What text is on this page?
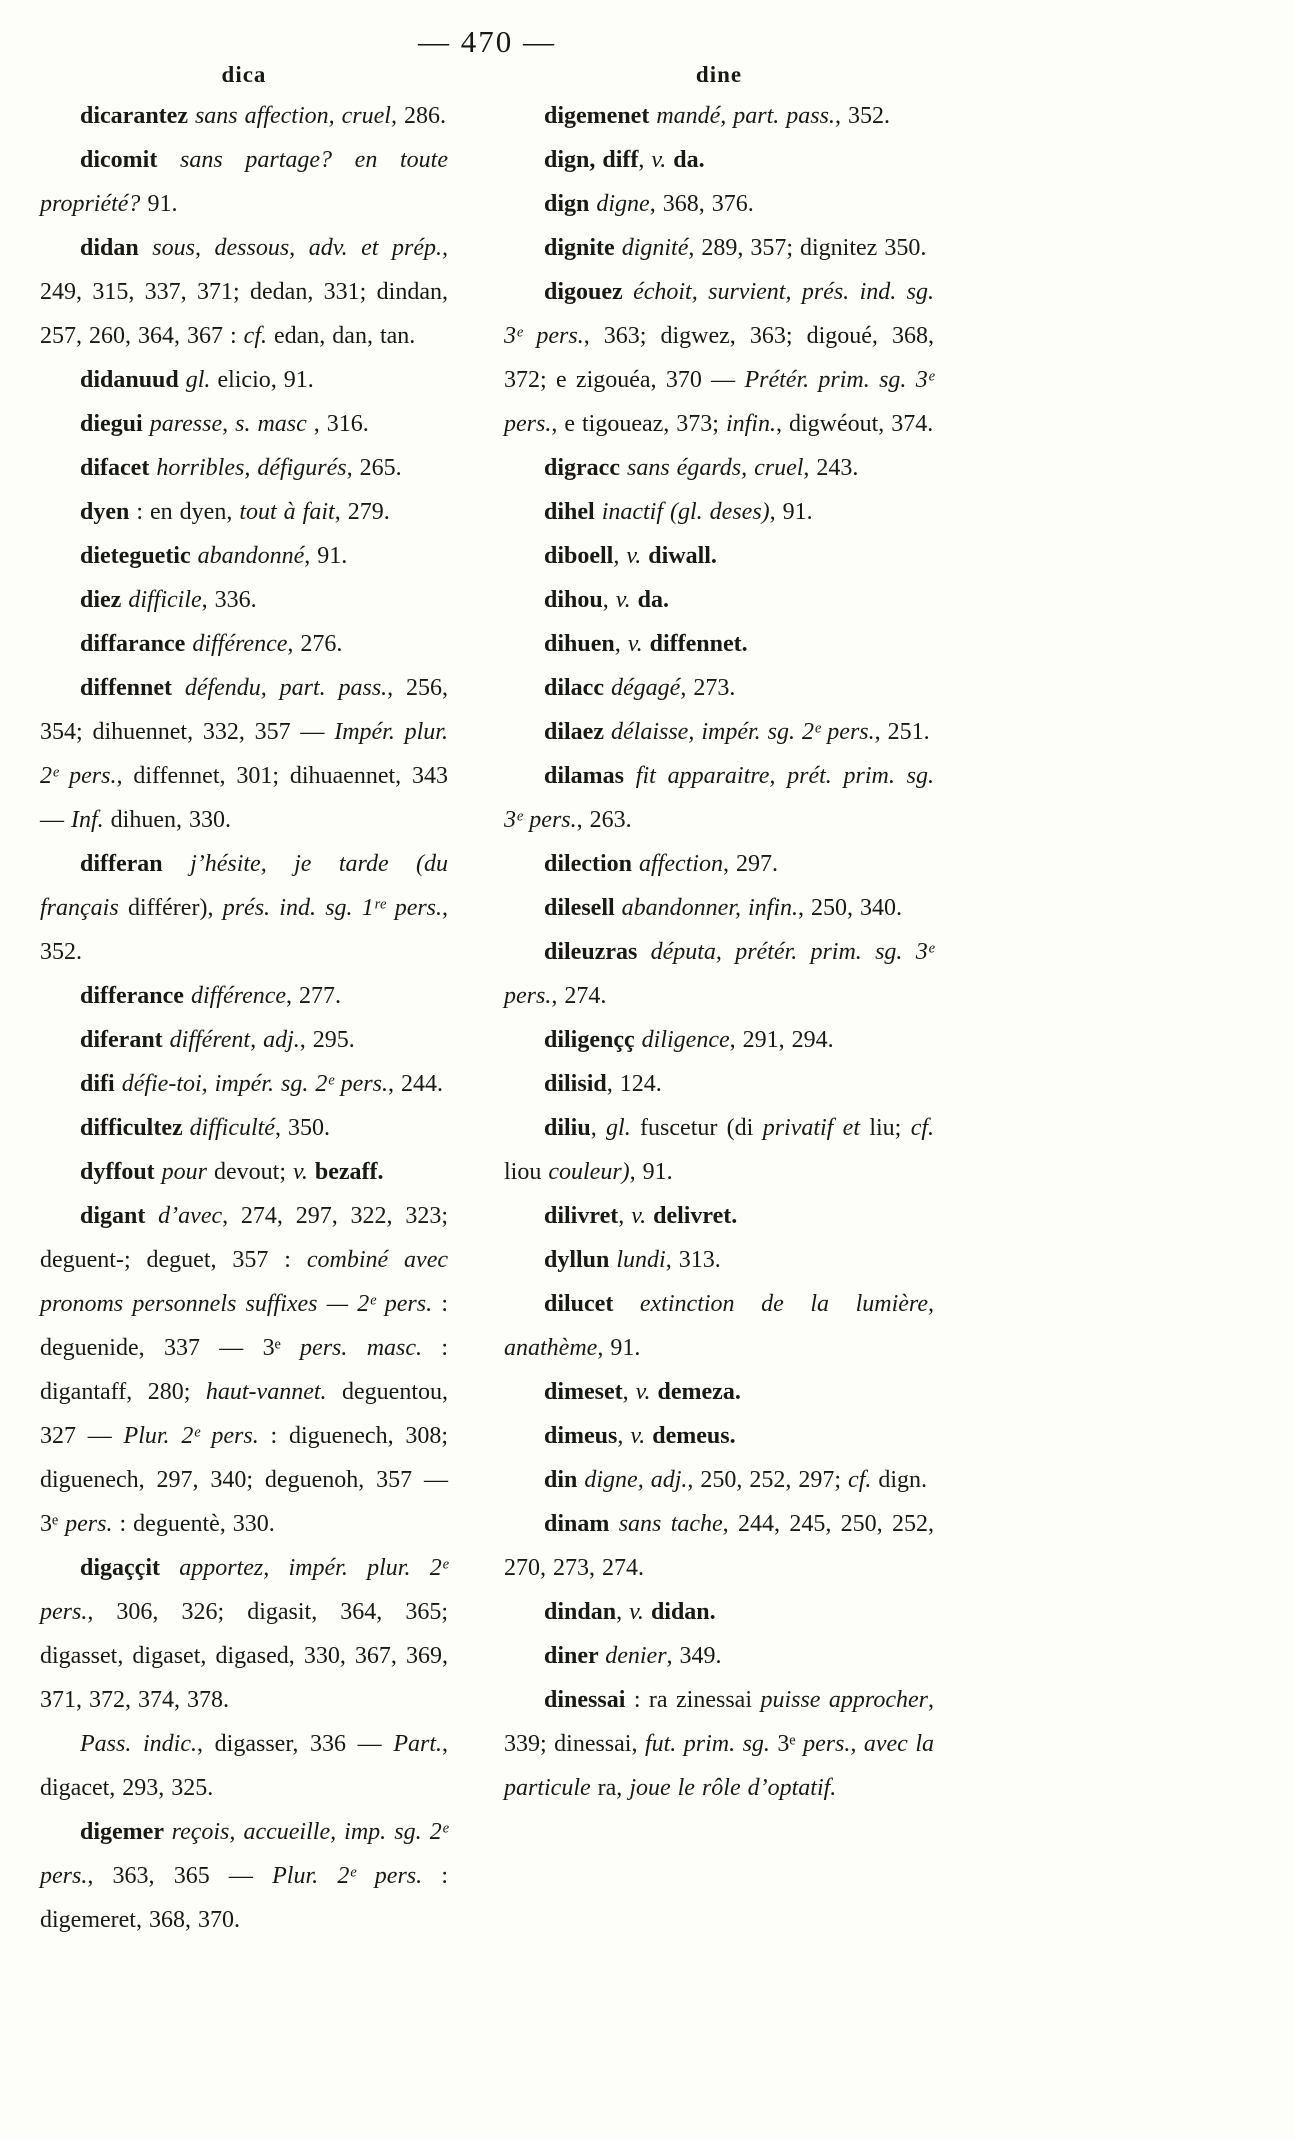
— 470 —
dica	dine

dicarantez sans affection, cruel, 286.

dicomit sans partage? en toute propriété? 91.

didan sous, dessous, adv. et prép., 249, 315, 337, 371; dedan, 331; dindan, 257, 260, 364, 367 : cf. edan, dan, tan.

didanuud gl. elicio, 91.

diegui paresse, s. masc , 316.

difacet horribles, défigurés, 265.

dyen : en dyen, tout à fait, 279.

dieteguetic abandonné, 91.

diez difficile, 336.

diffarance différence, 276.

diffennet défendu, part. pass., 256, 354; dihuennet, 332, 357 — Impér. plur. 2ᵉ pers., diffennet, 301; dihuaennet, 343 — Inf. dihuen, 330.

differan j’hésite, je tarde (du français différer), prés. ind. sg. 1ʳᵉ pers., 352.

differance différence, 277.

diferant différent, adj., 295.

difi défie-toi, impér. sg. 2ᵉ pers., 244.

difficultez difficulté, 350.

dyffout pour devout; v. bezaff.

digant d’avec, 274, 297, 322, 323; deguent-; deguet, 357 : combiné avec pronoms personnels suffixes — 2ᵉ pers. : deguenide, 337 — 3ᵉ pers. masc. : digantaff, 280; haut-vannet. deguentou, 327 — Plur. 2ᵉ pers. : diguenech, 308; diguenech, 297, 340; deguenoh, 357 — 3ᵉ pers. : deguentè, 330.

digaççit apportez, impér. plur. 2ᵉ pers., 306, 326; digasit, 364, 365; digasset, digaset, digased, 330, 367, 369, 371, 372, 374, 378.

Pass. indic., digasser, 336 — Part., digacet, 293, 325.

digemer reçois, accueille, imp. sg. 2ᵉ pers., 363, 365 — Plur. 2ᵉ pers. : digemeret, 368, 370.

digemenet mandé, part. pass., 352.

dign, diff, v. da.

dign digne, 368, 376.

dignite dignité, 289, 357; dignitez 350.

digouez échoit, survient, prés. ind. sg. 3ᵉ pers., 363; digwez, 363; digoué, 368, 372; e zigouéa, 370 — Prétér. prim. sg. 3ᵉ pers., e tigoueaz, 373; infin., digwéout, 374.

digracc sans égards, cruel, 243.

dihel inactif (gl. deses), 91.

diboell, v. diwall.

dihou, v. da.

dihuen, v. diffennet.

dilacc dégagé, 273.

dilaez délaisse, impér. sg. 2ᵉ pers., 251.

dilamas fit apparaitre, prét. prim. sg. 3ᵉ pers., 263.

dilection affection, 297.

dilesell abandonner, infin., 250, 340.

dileuzras députa, prétér. prim. sg. 3ᵉ pers., 274.

diligençç diligence, 291, 294.

dilisid, 124.

diliu, gl. fuscetur (di privatif et liu; cf. liou couleur), 91.

dilivret, v. delivret.

dyllun lundi, 313.

dilucet extinction de la lumière, anathème, 91.

dimeset, v. demeza.

dimeus, v. demeus.

din digne, adj., 250, 252, 297; cf. dign.

dinam sans tache, 244, 245, 250, 252, 270, 273, 274.

dindan, v. didan.

diner denier, 349.

dinessai : ra zinessai puisse approcher, 339; dinessai, fut. prim. sg. 3ᵉ pers., avec la particule ra, joue le rôle d’optatif.
